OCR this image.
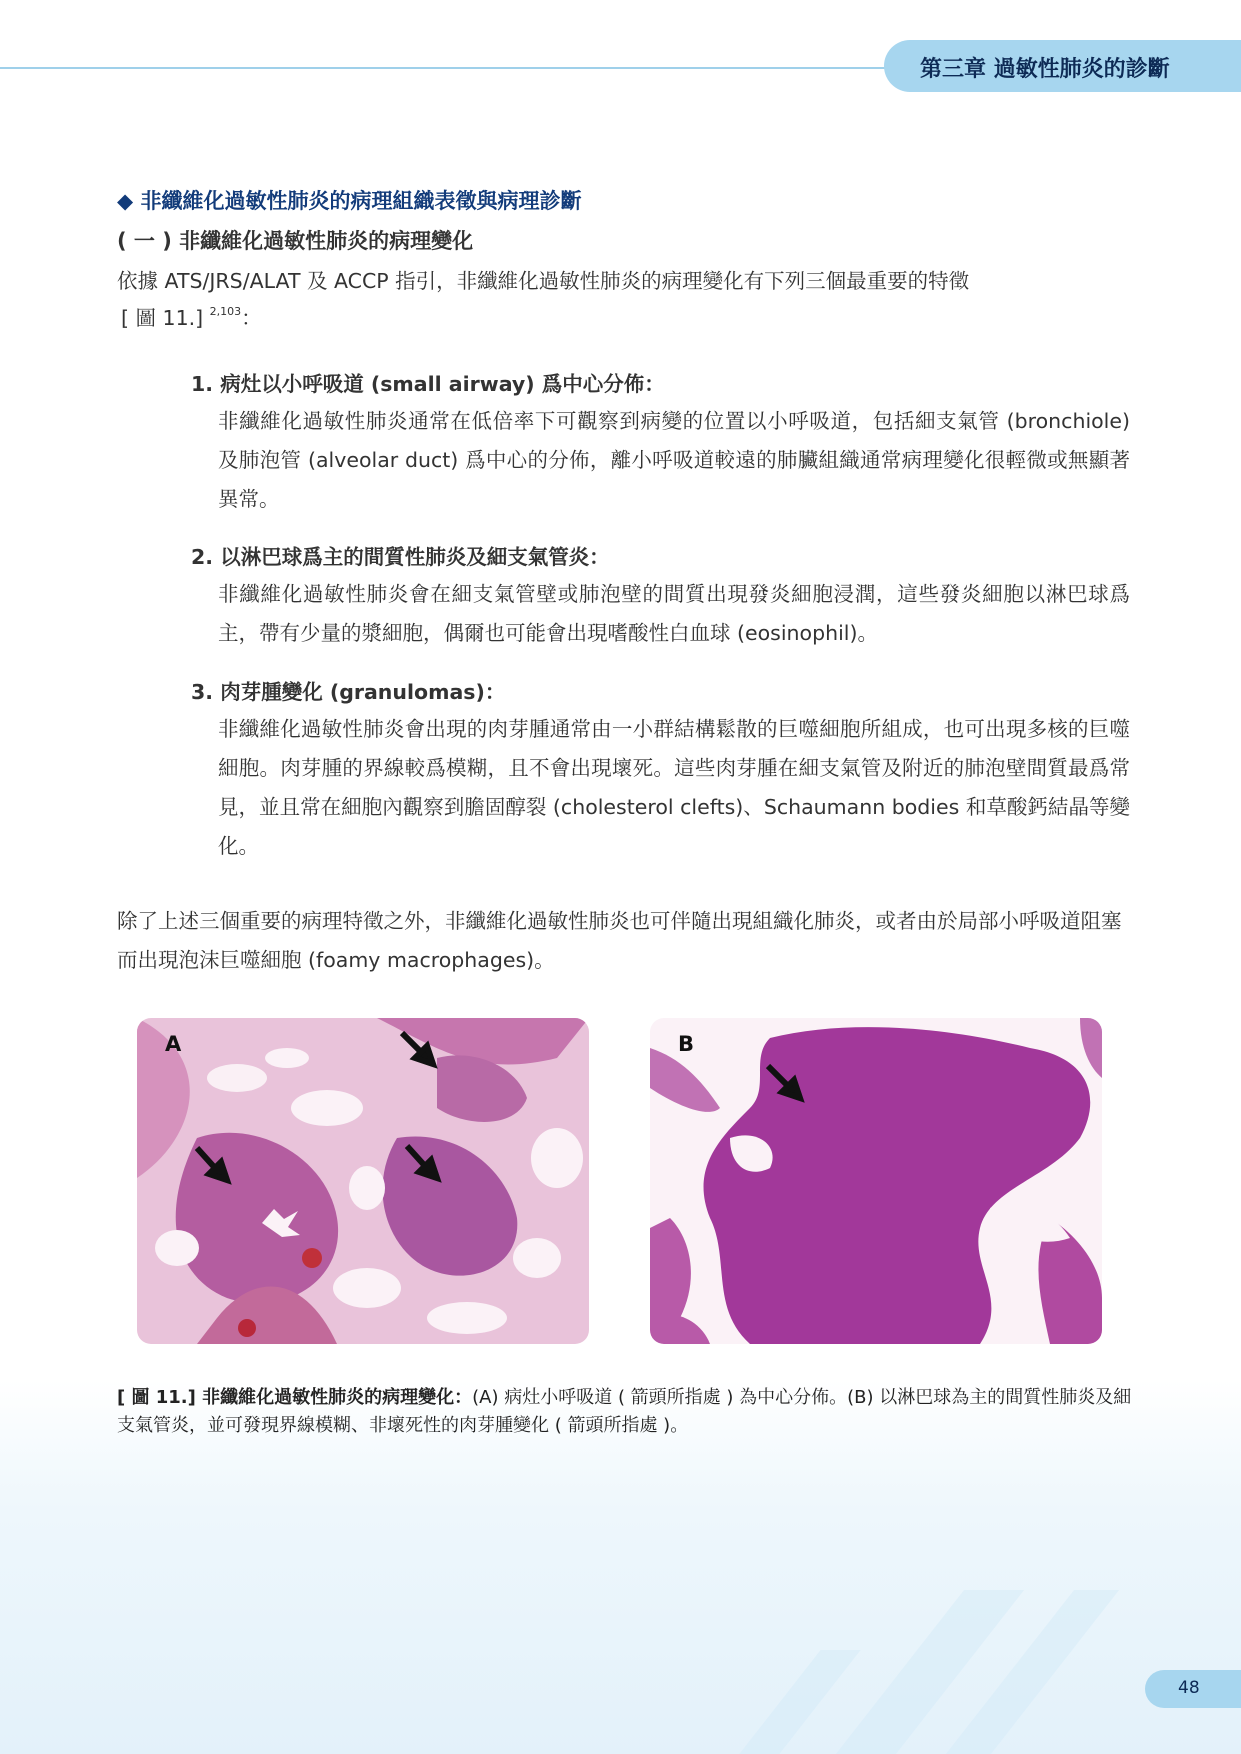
第三章 過敏性肺炎的診斷
◆ 非纖維化過敏性肺炎的病理組織表徵與病理診斷
( 一 ) 非纖維化過敏性肺炎的病理變化
依據 ATS/JRS/ALAT 及 ACCP 指引，非纖維化過敏性肺炎的病理變化有下列三個最重要的特徵
[ 圖 11.] $^{2,103}$：
1. 病灶以小呼吸道 (small airway) 爲中心分佈：
非纖維化過敏性肺炎通常在低倍率下可觀察到病變的位置以小呼吸道，包括細支氣管 (bronchiole) 及肺泡管 (alveolar duct) 爲中心的分佈，離小呼吸道較遠的肺臟組織通常病理變化很輕微或無顯著異常。
2. 以淋巴球爲主的間質性肺炎及細支氣管炎：
非纖維化過敏性肺炎會在細支氣管壁或肺泡壁的間質出現發炎細胞浸潤，這些發炎細胞以淋巴球爲主，帶有少量的漿細胞，偶爾也可能會出現嗜酸性白血球 (eosinophil)。
3. 肉芽腫變化 (granulomas)：
非纖維化過敏性肺炎會出現的肉芽腫通常由一小群結構鬆散的巨噬細胞所組成，也可出現多核的巨噬細胞。肉芽腫的界線較爲模糊，且不會出現壞死。這些肉芽腫在細支氣管及附近的肺泡壁間質最爲常見，並且常在細胞內觀察到膽固醇裂 (cholesterol clefts)、Schaumann bodies 和草酸鈣結晶等變化。
除了上述三個重要的病理特徵之外，非纖維化過敏性肺炎也可伴隨出現組織化肺炎，或者由於局部小呼吸道阻塞而出現泡沫巨噬細胞 (foamy macrophages)。
A	B
[ 圖 11.] 非纖維化過敏性肺炎的病理變化：(A) 病灶小呼吸道 ( 箭頭所指處 ) 為中心分佈。(B) 以淋巴球為主的間質性肺炎及細支氣管炎，並可發現界線模糊、非壞死性的肉芽腫變化 ( 箭頭所指處 )。
48
